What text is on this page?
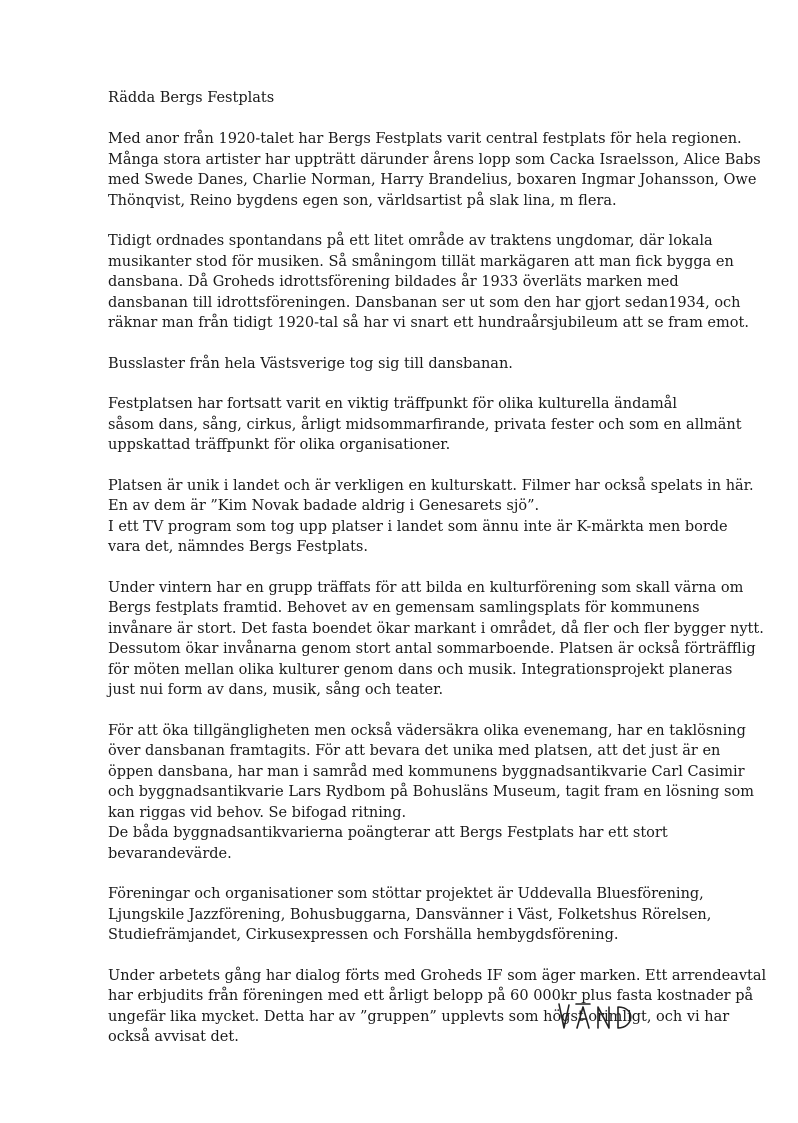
Rädda Bergs Festplats
Med anor från 1920-talet har Bergs Festplats varit central festplats för hela regionen.
Många stora artister har uppträtt därunder årens lopp som Cacka Israelsson, Alice Babs
med Swede Danes, Charlie Norman, Harry Brandelius, boxaren Ingmar Johansson, Owe
Thönqvist, Reino bygdens egen son, världsartist på slak lina, m flera.
Tidigt ordnades spontandans på ett litet område av traktens ungdomar, där lokala
musikanter stod för musiken. Så småningom tillät markägaren att man fick bygga en
dansbana. Då Groheds idrottsförening bildades år 1933 överläts marken med
dansbanan till idrottsföreningen. Dansbanan ser ut som den har gjort sedan1934, och
räknar man från tidigt 1920-tal så har vi snart ett hundraårsjubileum att se fram emot.
Busslaster från hela Västsverige tog sig till dansbanan.
Festplatsen har fortsatt varit en viktig träffpunkt för olika kulturella ändamål
såsom dans, sång, cirkus, årligt midsommarfirande, privata fester och som en allmänt
uppskattad träffpunkt för olika organisationer.
Platsen är unik i landet och är verkligen en kulturskatt. Filmer har också spelats in här.
En av dem är ”Kim Novak badade aldrig i Genesarets sjö”.
I ett TV program som tog upp platser i landet som ännu inte är K-märkta men borde
vara det, nämndes Bergs Festplats.
Under vintern har en grupp träffats för att bilda en kulturförening som skall värna om
Bergs festplats framtid. Behovet av en gemensam samlingsplats för kommunens
invånare är stort. Det fasta boendet ökar markant i området, då fler och fler bygger nytt.
Dessutom ökar invånarna genom stort antal sommarboende. Platsen är också förträfflig
för möten mellan olika kulturer genom dans och musik. Integrationsprojekt planeras
just nui form av dans, musik, sång och teater.
För att öka tillgängligheten men också vädersäkra olika evenemang, har en taklösning
över dansbanan framtagits. För att bevara det unika med platsen, att det just är en
öppen dansbana, har man i samråd med kommunens byggnadsantikvarie Carl Casimir
och byggnadsantikvarie Lars Rydbom på Bohusläns Museum, tagit fram en lösning som
kan riggas vid behov. Se bifogad ritning.
De båda byggnadsantikvarierna poängterar att Bergs Festplats har ett stort
bevarandevärde.
Föreningar och organisationer som stöttar projektet är Uddevalla Bluesförening,
Ljungskile Jazzförening, Bohusbuggarna, Dansvänner i Väst, Folketshus Rörelsen,
Studiefrämjandet, Cirkusexpressen och Forshälla hembygdsförening.
Under arbetets gång har dialog förts med Groheds IF som äger marken. Ett arrendeavtal
har erbjudits från föreningen med ett årligt belopp på 60 000kr plus fasta kostnader på
ungefär lika mycket. Detta har av ”gruppen” upplevts som högst orimligt, och vi har
också avvisat det.
